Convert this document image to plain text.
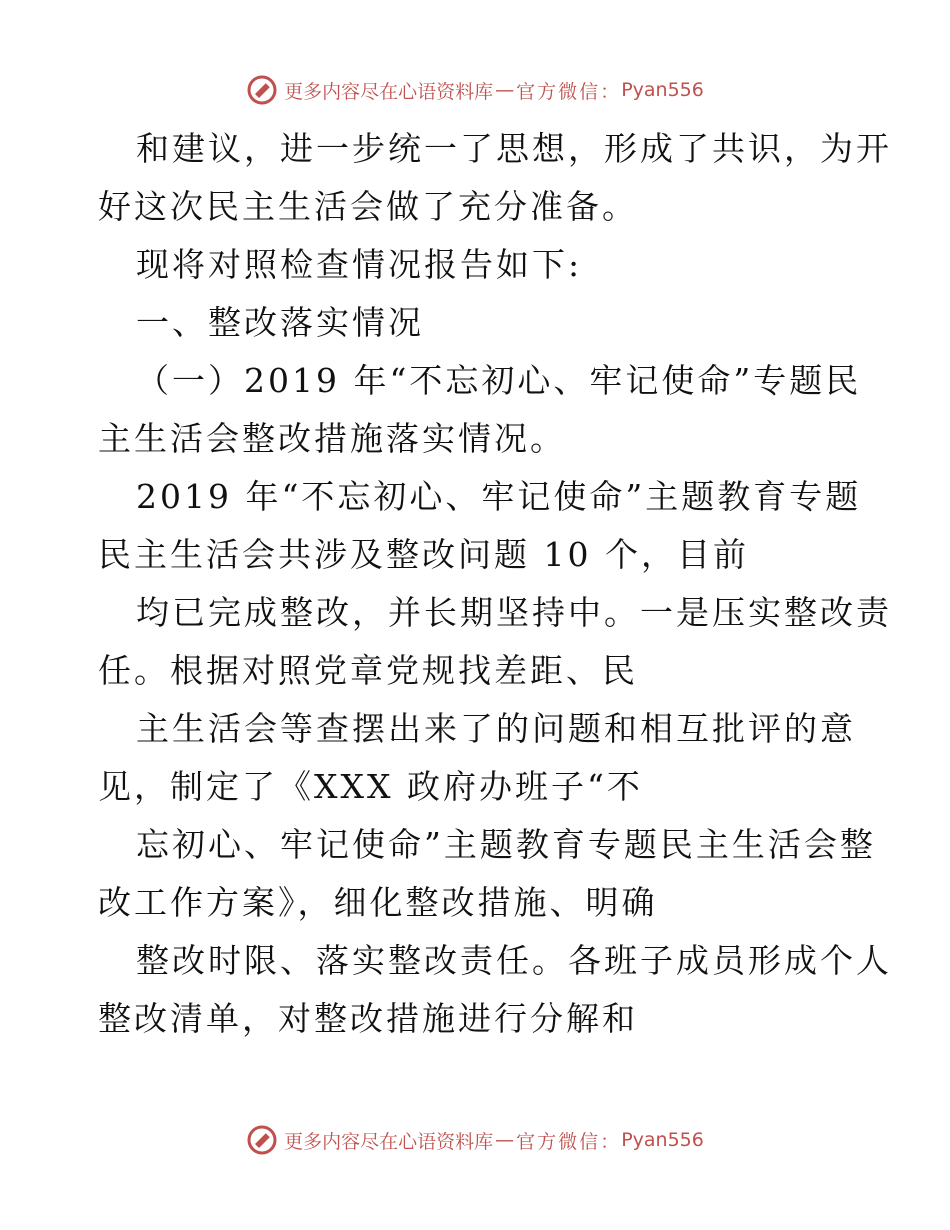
更多内容尽在心语资料库 — 官方微信： Pyan556
和建议，进一步统一了思想，形成了共识，为开
好这次民主生活会做了充分准备。
现将对照检查情况报告如下:
一、整改落实情况
（一）2019 年“不忘初心、牢记使命”专题民
主生活会整改措施落实情况。
2019 年“不忘初心、牢记使命”主题教育专题
民主生活会共涉及整改问题 10 个，目前
均已完成整改，并长期坚持中。一是压实整改责
任。根据对照党章党规找差距、民
主生活会等查摆出来了的问题和相互批评的意
见，制定了《XXX 政府办班子“不
忘初心、牢记使命”主题教育专题民主生活会整
改工作方案》，细化整改措施、明确
整改时限、落实整改责任。各班子成员形成个人
整改清单，对整改措施进行分解和
更多内容尽在心语资料库 — 官方微信： Pyan556
